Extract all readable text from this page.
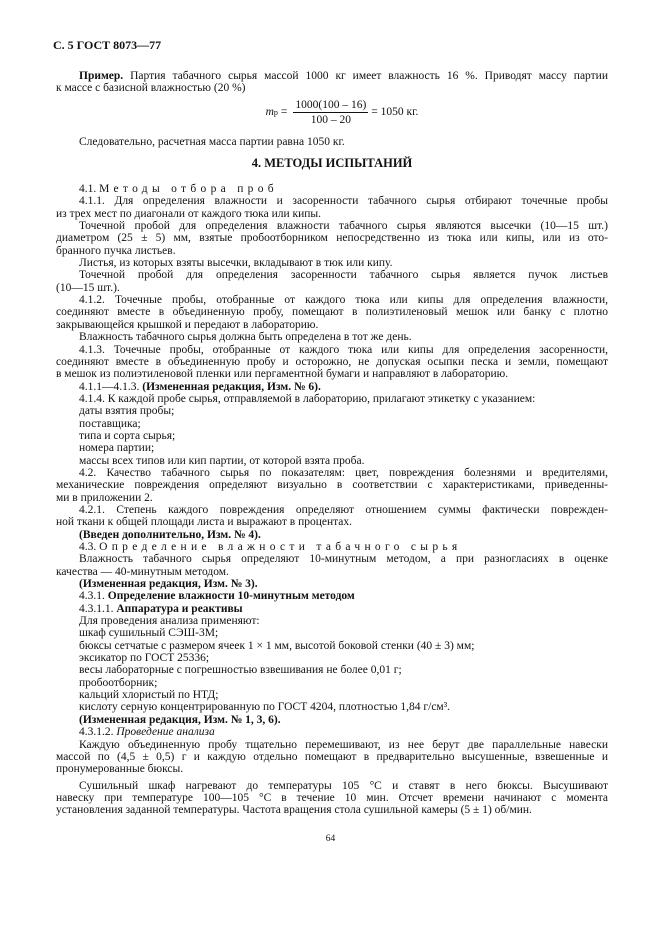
С. 5 ГОСТ 8073—77
Пример. Партия табачного сырья массой 1000 кг имеет влажность 16 %. Приводят массу партии
к массе с базисной влажностью (20 %)
m $р = \frac{1000(100 - 16)}{100 - 20} = 1050$ кг.
Следовательно, расчетная масса партии равна 1050 кг.
4. МЕТОДЫ ИСПЫТАНИЙ
4.1. Методы отбора проб
4.1.1. Для определения влажности и засоренности табачного сырья отбирают точечные пробы
из трех мест по диагонали от каждого тюка или кипы.
Точечной пробой для определения влажности табачного сырья являются высечки (10—15 шт.)
диаметром (25 ± 5) мм, взятые пробоотборником непосредственно из тюка или кипы, или из ото-
бранного пучка листьев.
Листья, из которых взяты высечки, вкладывают в тюк или кипу.
Точечной пробой для определения засоренности табачного сырья является пучок листьев
(10—15 шт.).
4.1.2. Точечные пробы, отобранные от каждого тюка или кипы для определения влажности,
соединяют вместе в объединенную пробу, помещают в полиэтиленовый мешок или банку с плотно
закрывающейся крышкой и передают в лабораторию.
Влажность табачного сырья должна быть определена в тот же день.
4.1.3. Точечные пробы, отобранные от каждого тюка или кипы для определения засоренности,
соединяют вместе в объединенную пробу и осторожно, не допуская осыпки песка и земли, помещают
в мешок из полиэтиленовой пленки или пергаментной бумаги и направляют в лабораторию.
4.1.1—4.1.3. (Измененная редакция, Изм. № 6).
4.1.4. К каждой пробе сырья, отправляемой в лабораторию, прилагают этикетку с указанием:
даты взятия пробы;
поставщика;
типа и сорта сырья;
номера партии;
массы всех типов или кип партии, от которой взята проба.
4.2. Качество табачного сырья по показателям: цвет, повреждения болезнями и вредителями,
механические повреждения определяют визуально в соответствии с характеристиками, приведенны-
ми в приложении 2.
4.2.1. Степень каждого повреждения определяют отношением суммы фактически поврежден-
ной ткани к общей площади листа и выражают в процентах.
(Введен дополнительно, Изм. № 4).
4.3. Определение влажности табачного сырья
Влажность табачного сырья определяют 10-минутным методом, а при разногласиях в оценке
качества — 40-минутным методом.
(Измененная редакция, Изм. № 3).
4.3.1. Определение влажности 10-минутным методом
4.3.1.1. Аппаратура и реактивы
Для проведения анализа применяют:
шкаф сушильный СЭШ-3М;
бюксы сетчатые с размером ячеек 1 × 1 мм, высотой боковой стенки (40 ± 3) мм;
эксикатор по ГОСТ 25336;
весы лабораторные с погрешностью взвешивания не более 0,01 г;
пробоотборник;
кальций хлористый по НТД;
кислоту серную концентрированную по ГОСТ 4204, плотностью 1,84 г/см³.
(Измененная редакция, Изм. № 1, 3, 6).
4.3.1.2. Проведение анализа
Каждую объединенную пробу тщательно перемешивают, из нее берут две параллельные навески
массой по (4,5 ± 0,5) г и каждую отдельно помещают в предварительно высушенные, взвешенные и
пронумерованные бюксы.
Сушильный шкаф нагревают до температуры 105 °С и ставят в него бюксы. Высушивают
навеску при температуре 100—105 °С в течение 10 мин. Отсчет времени начинают с момента
установления заданной температуры. Частота вращения стола сушильной камеры (5 ± 1) об/мин.
64
